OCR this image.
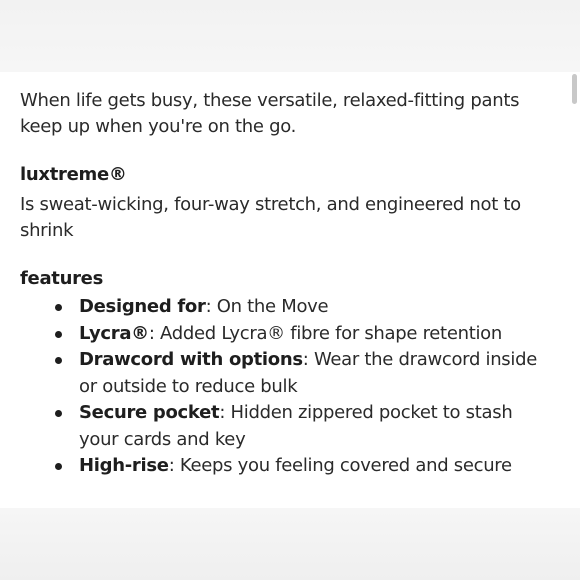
When life gets busy, these versatile, relaxed-fitting pants keep up when you're on the go.

luxtreme®

Is sweat-wicking, four-way stretch, and engineered not to shrink

features

Designed for: On the Move
Lycra®: Added Lycra® fibre for shape retention
Drawcord with options: Wear the drawcord inside or outside to reduce bulk
Secure pocket: Hidden zippered pocket to stash your cards and key
High-rise: Keeps you feeling covered and secure
